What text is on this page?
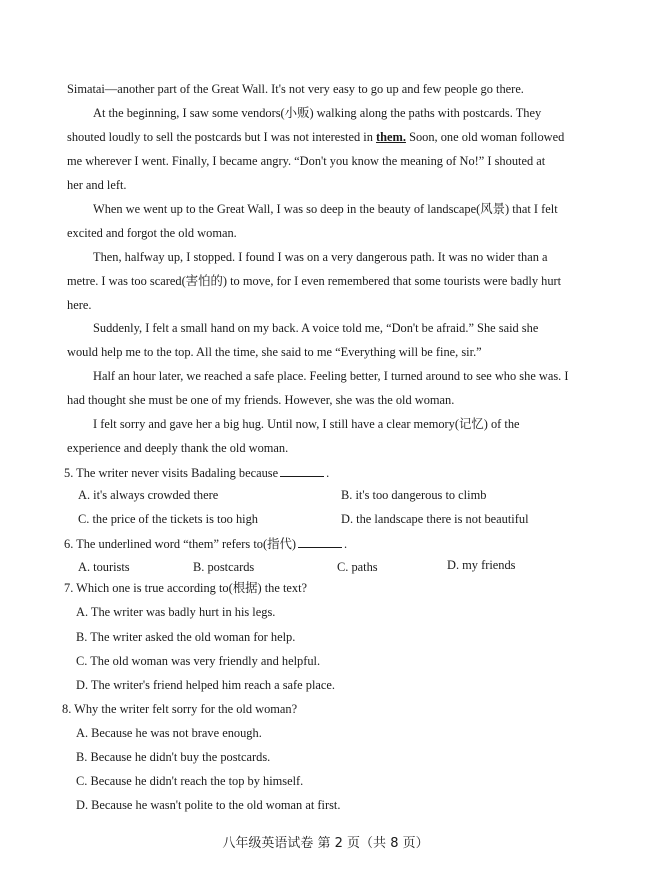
Simatai—another part of the Great Wall. It's not very easy to go up and few people go there.
At the beginning, I saw some vendors(小贩) walking along the paths with postcards. They
shouted loudly to sell the postcards but I was not interested in them. Soon, one old woman followed
me wherever I went. Finally, I became angry. “Don't you know the meaning of No!” I shouted at
her and left.
When we went up to the Great Wall, I was so deep in the beauty of landscape(风景) that I felt
excited and forgot the old woman.
Then, halfway up, I stopped. I found I was on a very dangerous path. It was no wider than a
metre. I was too scared(害怕的) to move, for I even remembered that some tourists were badly hurt
here.
Suddenly, I felt a small hand on my back. A voice told me, “Don't be afraid.” She said she
would help me to the top. All the time, she said to me “Everything will be fine, sir.”
Half an hour later, we reached a safe place. Feeling better, I turned around to see who she was. I
had thought she must be one of my friends. However, she was the old woman.
I felt sorry and gave her a big hug. Until now, I still have a clear memory(记忆) of the
experience and deeply thank the old woman.
5. The writer never visits Badaling because	.
A. it's always crowded there	B. it's too dangerous to climb
C. the price of the tickets is too high	D. the landscape there is not beautiful
6. The underlined word “them” refers to(指代)	.
A. tourists	B. postcards	C. paths	D. my friends
7. Which one is true according to(根据) the text?
A. The writer was badly hurt in his legs.
B. The writer asked the old woman for help.
C. The old woman was very friendly and helpful.
D. The writer's friend helped him reach a safe place.
8. Why the writer felt sorry for the old woman?
A. Because he was not brave enough.
B. Because he didn't buy the postcards.
C. Because he didn't reach the top by himself.
D. Because he wasn't polite to the old woman at first.
八年级英语试卷 第 2 页（共 8 页）
